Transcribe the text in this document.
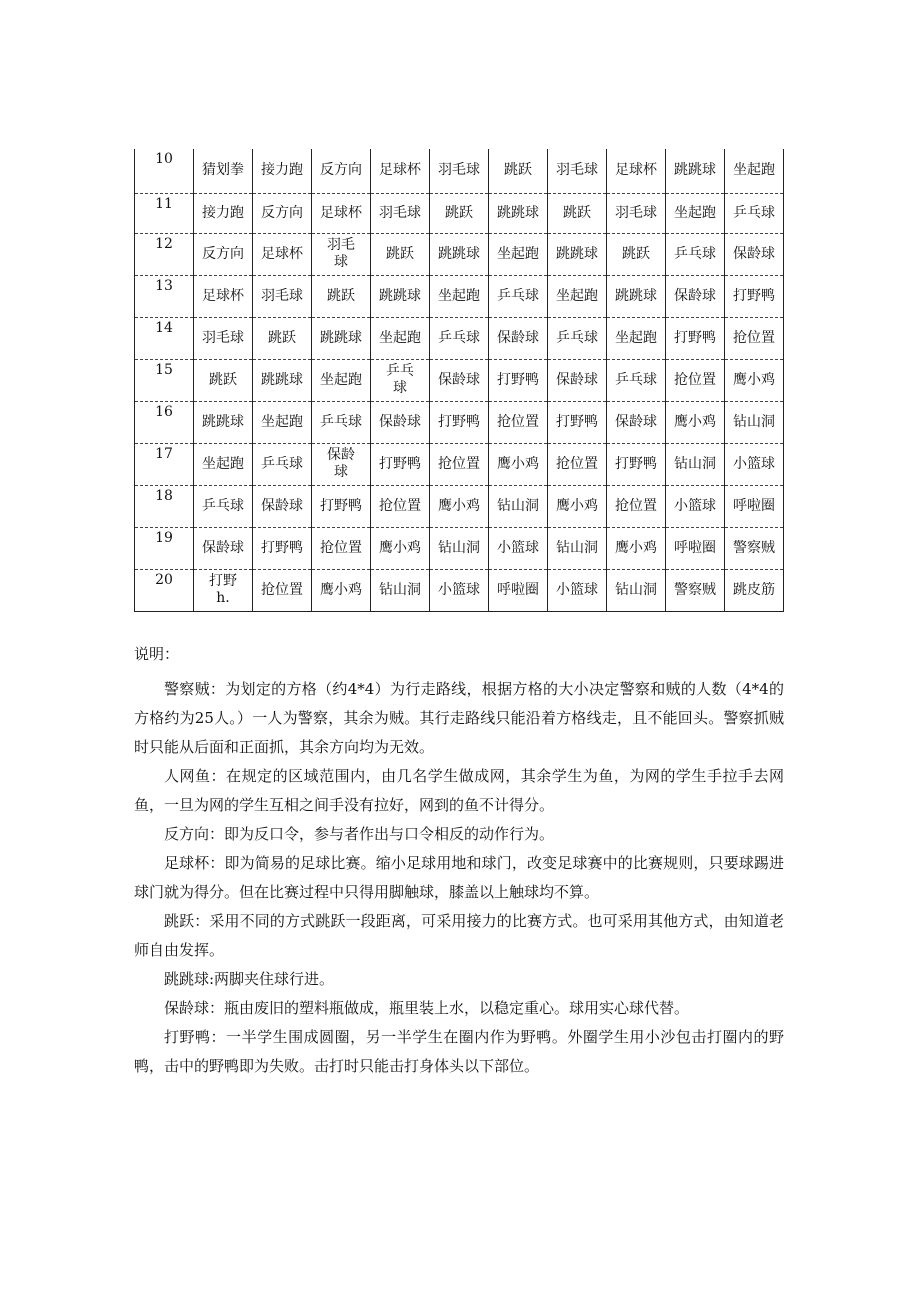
10	猜划拳	接力跑	反方向	足球杯	羽毛球	跳跃	羽毛球	足球杯	跳跳球	坐起跑
11	接力跑	反方向	足球杯	羽毛球	跳跃	跳跳球	跳跃	羽毛球	坐起跑	乒乓球
12	反方向	足球杯	羽毛球	跳跃	跳跳球	坐起跑	跳跳球	跳跃	乒乓球	保龄球
13	足球杯	羽毛球	跳跃	跳跳球	坐起跑	乒乓球	坐起跑	跳跳球	保龄球	打野鸭
14	羽毛球	跳跃	跳跳球	坐起跑	乒乓球	保龄球	乒乓球	坐起跑	打野鸭	抢位置
15	跳跃	跳跳球	坐起跑	乒乓球	保龄球	打野鸭	保龄球	乒乓球	抢位置	鹰小鸡
16	跳跳球	坐起跑	乒乓球	保龄球	打野鸭	抢位置	打野鸭	保龄球	鹰小鸡	钻山洞
17	坐起跑	乒乓球	保龄球	打野鸭	抢位置	鹰小鸡	抢位置	打野鸭	钻山洞	小篮球
18	乒乓球	保龄球	打野鸭	抢位置	鹰小鸡	钻山洞	鹰小鸡	抢位置	小篮球	呼啦圈
19	保龄球	打野鸭	抢位置	鹰小鸡	钻山洞	小篮球	钻山洞	鹰小鸡	呼啦圈	警察贼
20	打野h.	抢位置	鹰小鸡	钻山洞	小篮球	呼啦圈	小篮球	钻山洞	警察贼	跳皮筋
说明：

警察贼：为划定的方格（约4*4）为行走路线，根据方格的大小决定警察和贼的人数（4*4的方格约为25人。）一人为警察，其余为贼。其行走路线只能沿着方格线走，且不能回头。警察抓贼时只能从后面和正面抓，其余方向均为无效。

人网鱼：在规定的区域范围内，由几名学生做成网，其余学生为鱼，为网的学生手拉手去网鱼，一旦为网的学生互相之间手没有拉好，网到的鱼不计得分。

反方向：即为反口令，参与者作出与口令相反的动作行为。

足球杯：即为简易的足球比赛。缩小足球用地和球门，改变足球赛中的比赛规则，只要球踢进球门就为得分。但在比赛过程中只得用脚触球，膝盖以上触球均不算。

跳跃：采用不同的方式跳跃一段距离，可采用接力的比赛方式。也可采用其他方式，由知道老师自由发挥。

跳跳球:两脚夹住球行进。

保龄球：瓶由废旧的塑料瓶做成，瓶里装上水，以稳定重心。球用实心球代替。

打野鸭：一半学生围成圆圈，另一半学生在圈内作为野鸭。外圈学生用小沙包击打圈内的野鸭，击中的野鸭即为失败。击打时只能击打身体头以下部位。
